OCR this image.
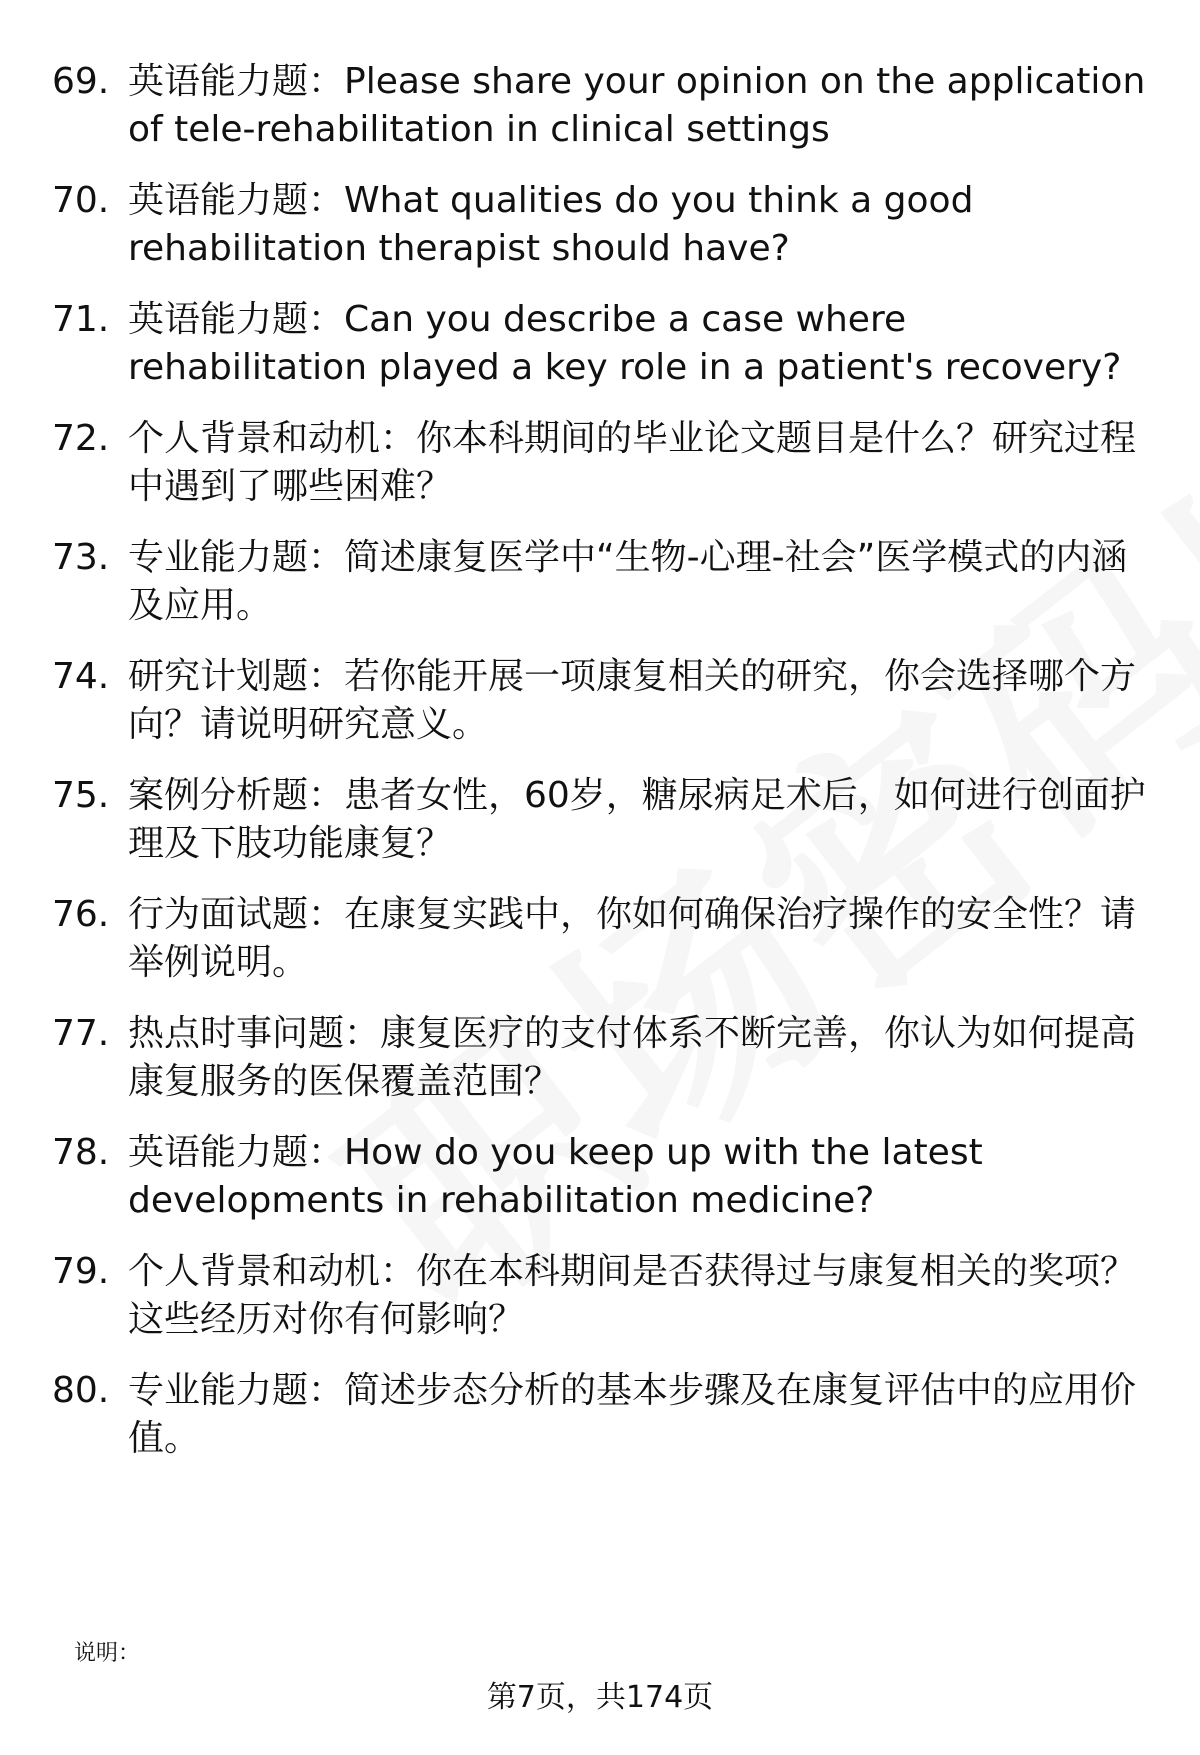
69. 英语能力题：Please share your opinion on the application of tele-rehabilitation in clinical settings
70. 英语能力题：What qualities do you think a good rehabilitation therapist should have?
71. 英语能力题：Can you describe a case where rehabilitation played a key role in a patient's recovery?
72. 个人背景和动机：你本科期间的毕业论文题目是什么？研究过程中遇到了哪些困难？
73. 专业能力题：简述康复医学中“生物-心理-社会”医学模式的内涵及应用。
74. 研究计划题：若你能开展一项康复相关的研究，你会选择哪个方向？请说明研究意义。
75. 案例分析题：患者女性，60岁，糖尿病足术后，如何进行创面护理及下肢功能康复？
76. 行为面试题：在康复实践中，你如何确保治疗操作的安全性？请举例说明。
77. 热点时事问题：康复医疗的支付体系不断完善，你认为如何提高康复服务的医保覆盖范围？
78. 英语能力题：How do you keep up with the latest developments in rehabilitation medicine?
79. 个人背景和动机：你在本科期间是否获得过与康复相关的奖项？这些经历对你有何影响？
80. 专业能力题：简述步态分析的基本步骤及在康复评估中的应用价值。
说明：
第7页，共174页
